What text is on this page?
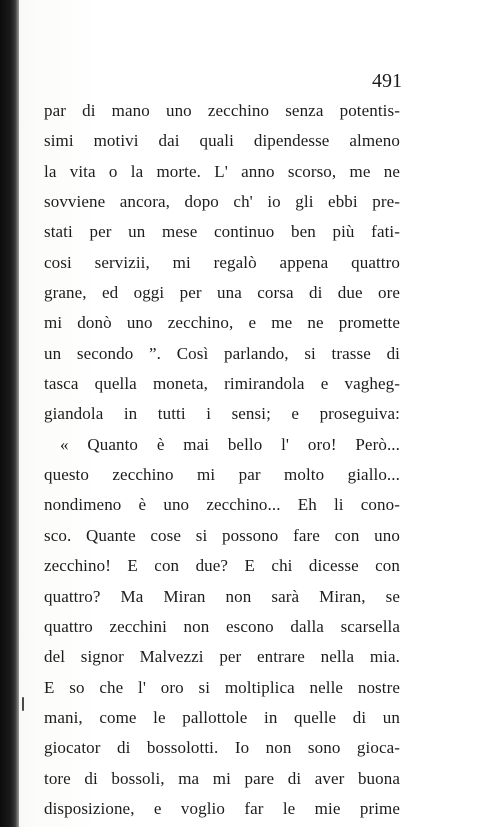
491
par di mano uno zecchino senza potentis-
simi motivi dai quali dipendesse almeno
la vita o la morte. L' anno scorso, me ne
sovviene ancora, dopo ch' io gli ebbi pre-
stati per un mese continuo ben più fati-
cosi servizii, mi regalò appena quattro
grane, ed oggi per una corsa di due ore
mi donò uno zecchino, e me ne promette
un secondo ”. Così parlando, si trasse di
tasca quella moneta, rimirandola e vagheg-
giandola in tutti i sensi; e proseguiva:
« Quanto è mai bello l' oro! Però...
questo zecchino mi par molto giallo...
nondimeno è uno zecchino... Eh li cono-
sco. Quante cose si possono fare con uno
zecchino! E con due? E chi dicesse con
quattro? Ma Miran non sarà Miran, se
quattro zecchini non escono dalla scarsella
del signor Malvezzi per entrare nella mia.
E so che l' oro si moltiplica nelle nostre
mani, come le pallottole in quelle di un
giocator di bossolotti. Io non sono gioca-
tore di bossoli, ma mi pare di aver buona
disposizione, e voglio far le mie prime
